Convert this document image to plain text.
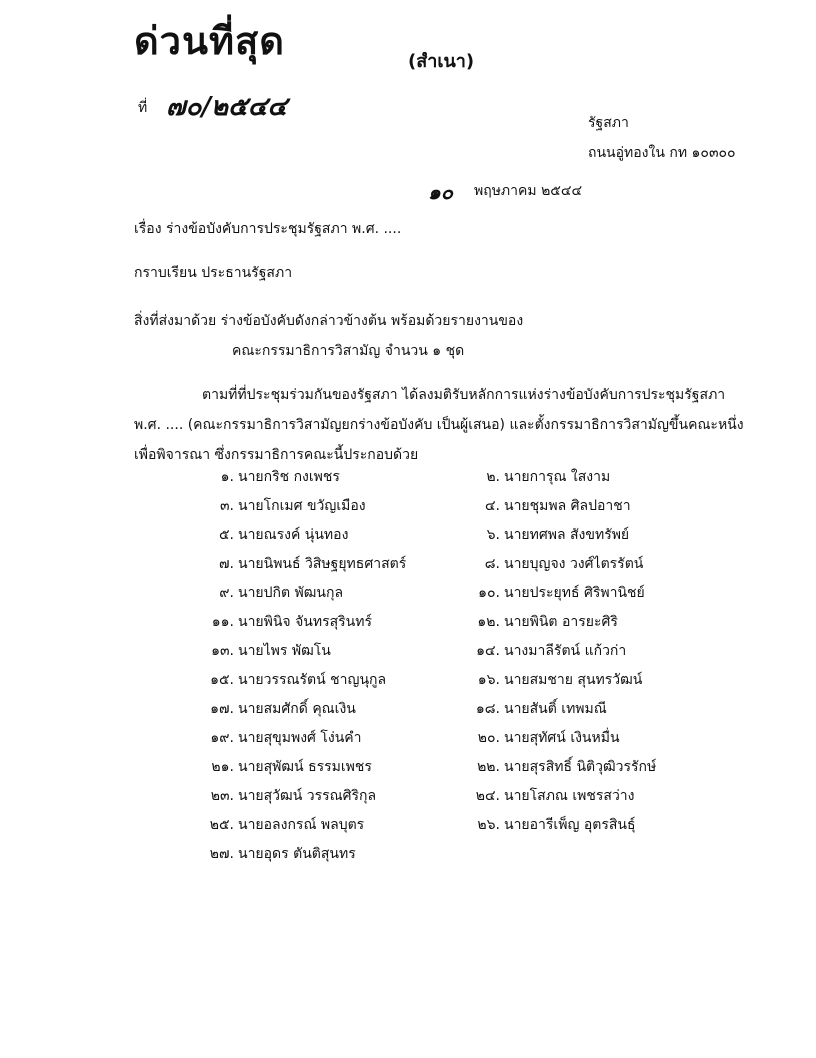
ด่วนที่สุด	(สำเนา)
ที่ ๗๐/๒๕๔๔
รัฐสภา
ถนนอู่ทองใน กท ๑๐๓๐๐
๑๐ พฤษภาคม ๒๕๔๔
เรื่อง ร่างข้อบังคับการประชุมรัฐสภา พ.ศ. ....
กราบเรียน ประธานรัฐสภา
สิ่งที่ส่งมาด้วย ร่างข้อบังคับดังกล่าวข้างต้น พร้อมด้วยรายงานของ
คณะกรรมาธิการวิสามัญ จำนวน ๑ ชุด
ตามที่ที่ประชุมร่วมกันของรัฐสภา ได้ลงมติรับหลักการแห่งร่างข้อบังคับการประชุมรัฐสภา
พ.ศ. .... (คณะกรรมาธิการวิสามัญยกร่างข้อบังคับ เป็นผู้เสนอ) และตั้งกรรมาธิการวิสามัญขึ้นคณะหนึ่ง
เพื่อพิจารณา ซึ่งกรรมาธิการคณะนี้ประกอบด้วย
๑. นายกริช กงเพชร	๒. นายการุณ ใสงาม
๓. นายโกเมศ ขวัญเมือง	๔. นายชุมพล ศิลปอาชา
๕. นายณรงค์ นุ่นทอง	๖. นายทศพล สังขทรัพย์
๗. นายนิพนธ์ วิสิษฐยุทธศาสตร์	๘. นายบุญจง วงศ์ไตรรัตน์
๙. นายปกิต พัฒนกุล	๑๐. นายประยุทธ์ ศิริพานิชย์
๑๑. นายพินิจ จันทรสุรินทร์	๑๒. นายพินิต อารยะศิริ
๑๓. นายไพร พัฒโน	๑๔. นางมาลีรัตน์ แก้วก่า
๑๕. นายวรรณรัตน์ ชาญนุกูล	๑๖. นายสมชาย สุนทรวัฒน์
๑๗. นายสมศักดิ์ คุณเงิน	๑๘. นายสันติ์ เทพมณี
๑๙. นายสุขุมพงศ์ โง่นคำ	๒๐. นายสุทัศน์ เงินหมื่น
๒๑. นายสุพัฒน์ ธรรมเพชร	๒๒. นายสุรสิทธิ์ นิติวุฒิวรรักษ์
๒๓. นายสุวัฒน์ วรรณศิริกุล	๒๔. นายโสภณ เพชรสว่าง
๒๕. นายอลงกรณ์ พลบุตร	๒๖. นายอารีเพ็ญ อุตรสินธุ์
๒๗. นายอุดร ตันติสุนทร
